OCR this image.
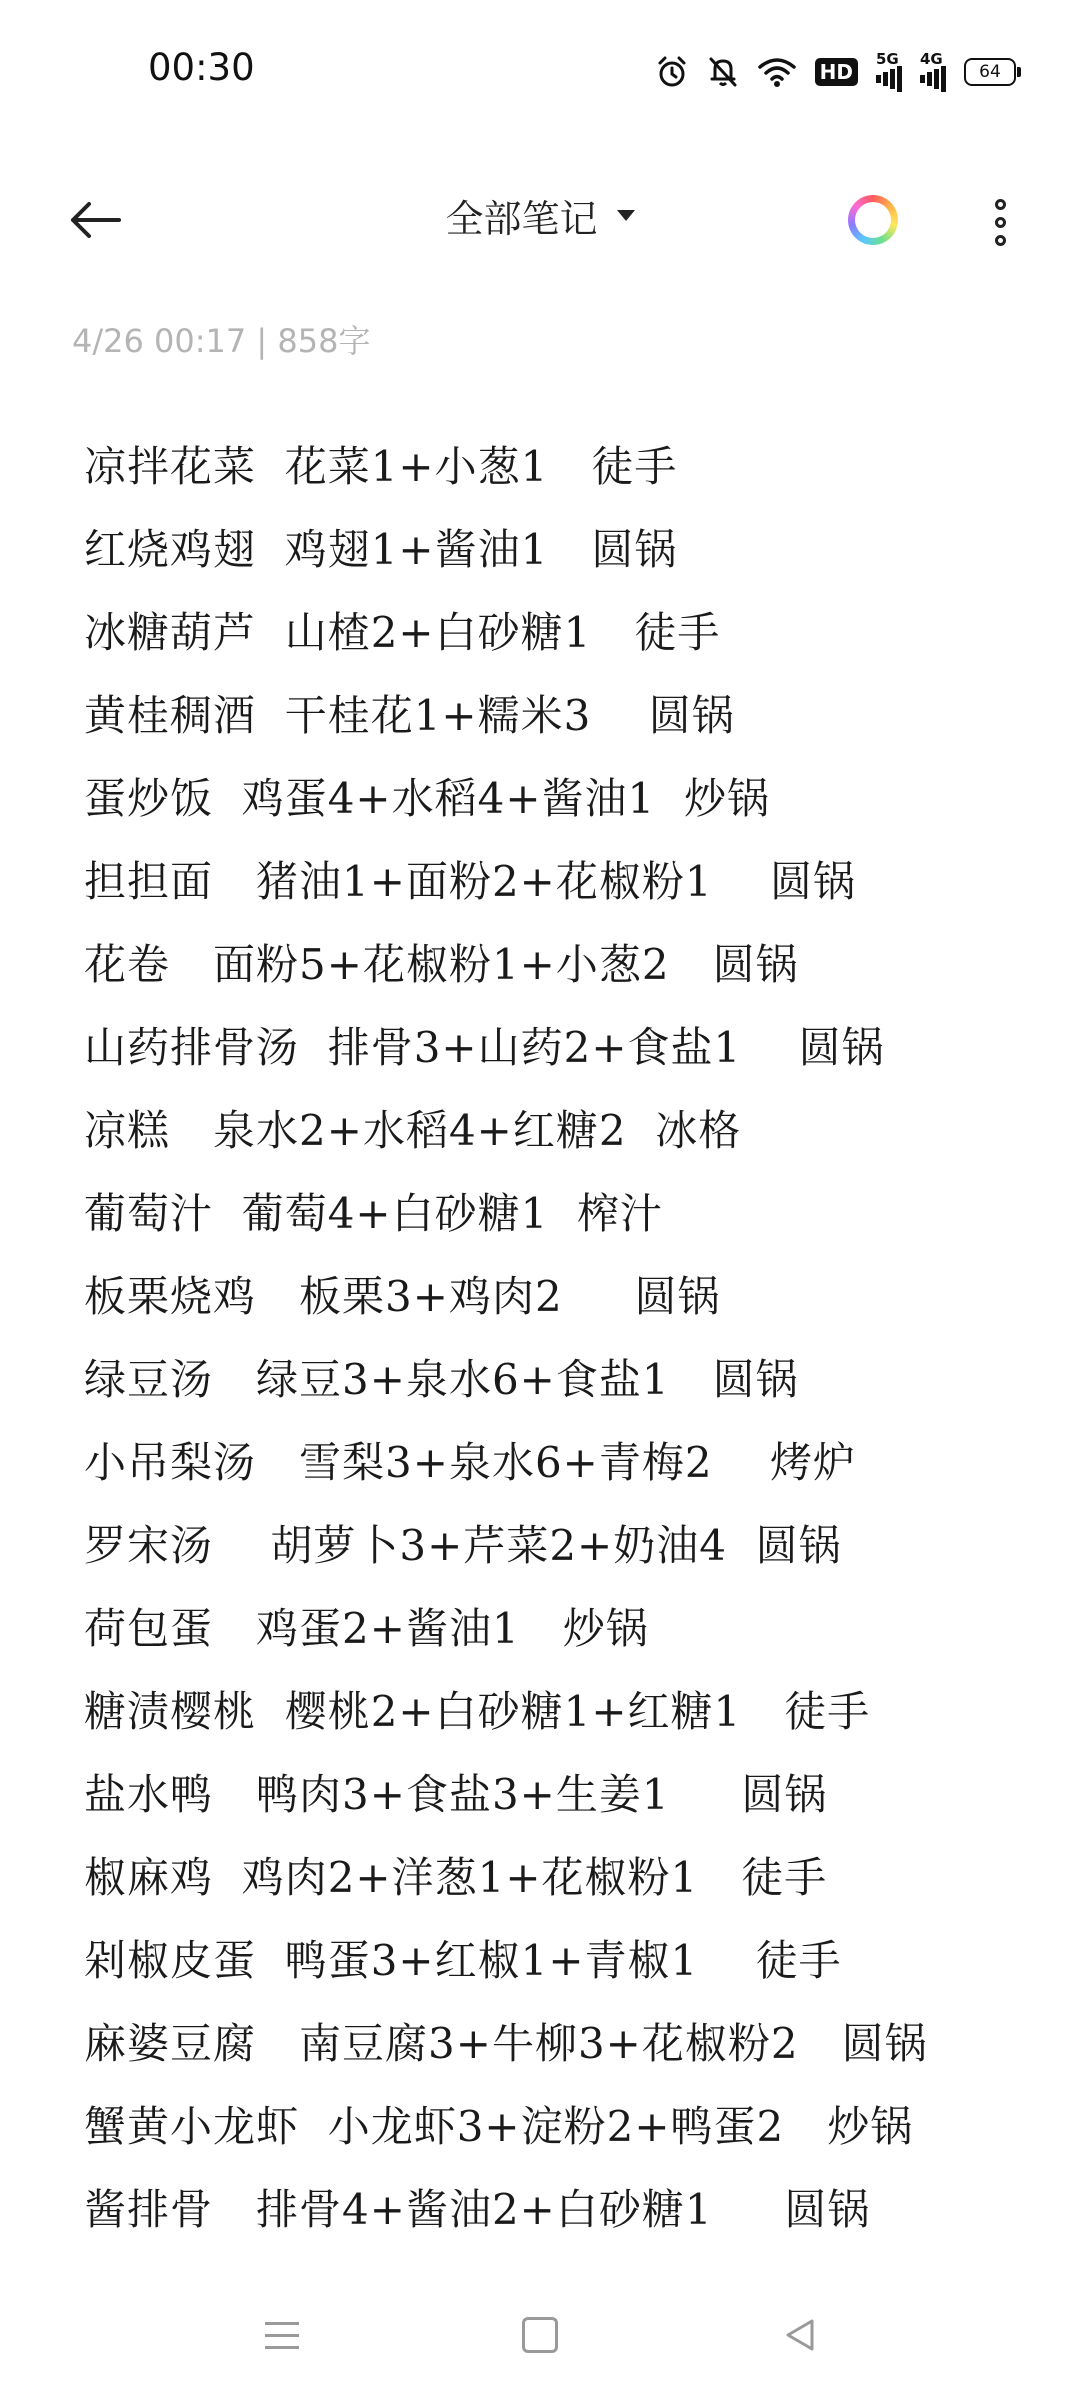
00:30	HD
5G 4G
64
全部笔记
4/26 00:17 | 858字
凉拌花菜  花菜1+小葱1   徒手
红烧鸡翅  鸡翅1+酱油1   圆锅
冰糖葫芦  山楂2+白砂糖1   徒手
黄桂稠酒  干桂花1+糯米3    圆锅
蛋炒饭  鸡蛋4+水稻4+酱油1  炒锅
担担面   猪油1+面粉2+花椒粉1    圆锅
花卷   面粉5+花椒粉1+小葱2   圆锅
山药排骨汤  排骨3+山药2+食盐1    圆锅
凉糕   泉水2+水稻4+红糖2  冰格
葡萄汁  葡萄4+白砂糖1  榨汁
板栗烧鸡   板栗3+鸡肉2     圆锅
绿豆汤   绿豆3+泉水6+食盐1   圆锅
小吊梨汤   雪梨3+泉水6+青梅2    烤炉
罗宋汤    胡萝卜3+芹菜2+奶油4  圆锅
荷包蛋   鸡蛋2+酱油1   炒锅
糖渍樱桃  樱桃2+白砂糖1+红糖1   徒手
盐水鸭   鸭肉3+食盐3+生姜1     圆锅
椒麻鸡  鸡肉2+洋葱1+花椒粉1   徒手
剁椒皮蛋  鸭蛋3+红椒1+青椒1    徒手
麻婆豆腐   南豆腐3+牛柳3+花椒粉2   圆锅
蟹黄小龙虾  小龙虾3+淀粉2+鸭蛋2   炒锅
酱排骨   排骨4+酱油2+白砂糖1     圆锅
